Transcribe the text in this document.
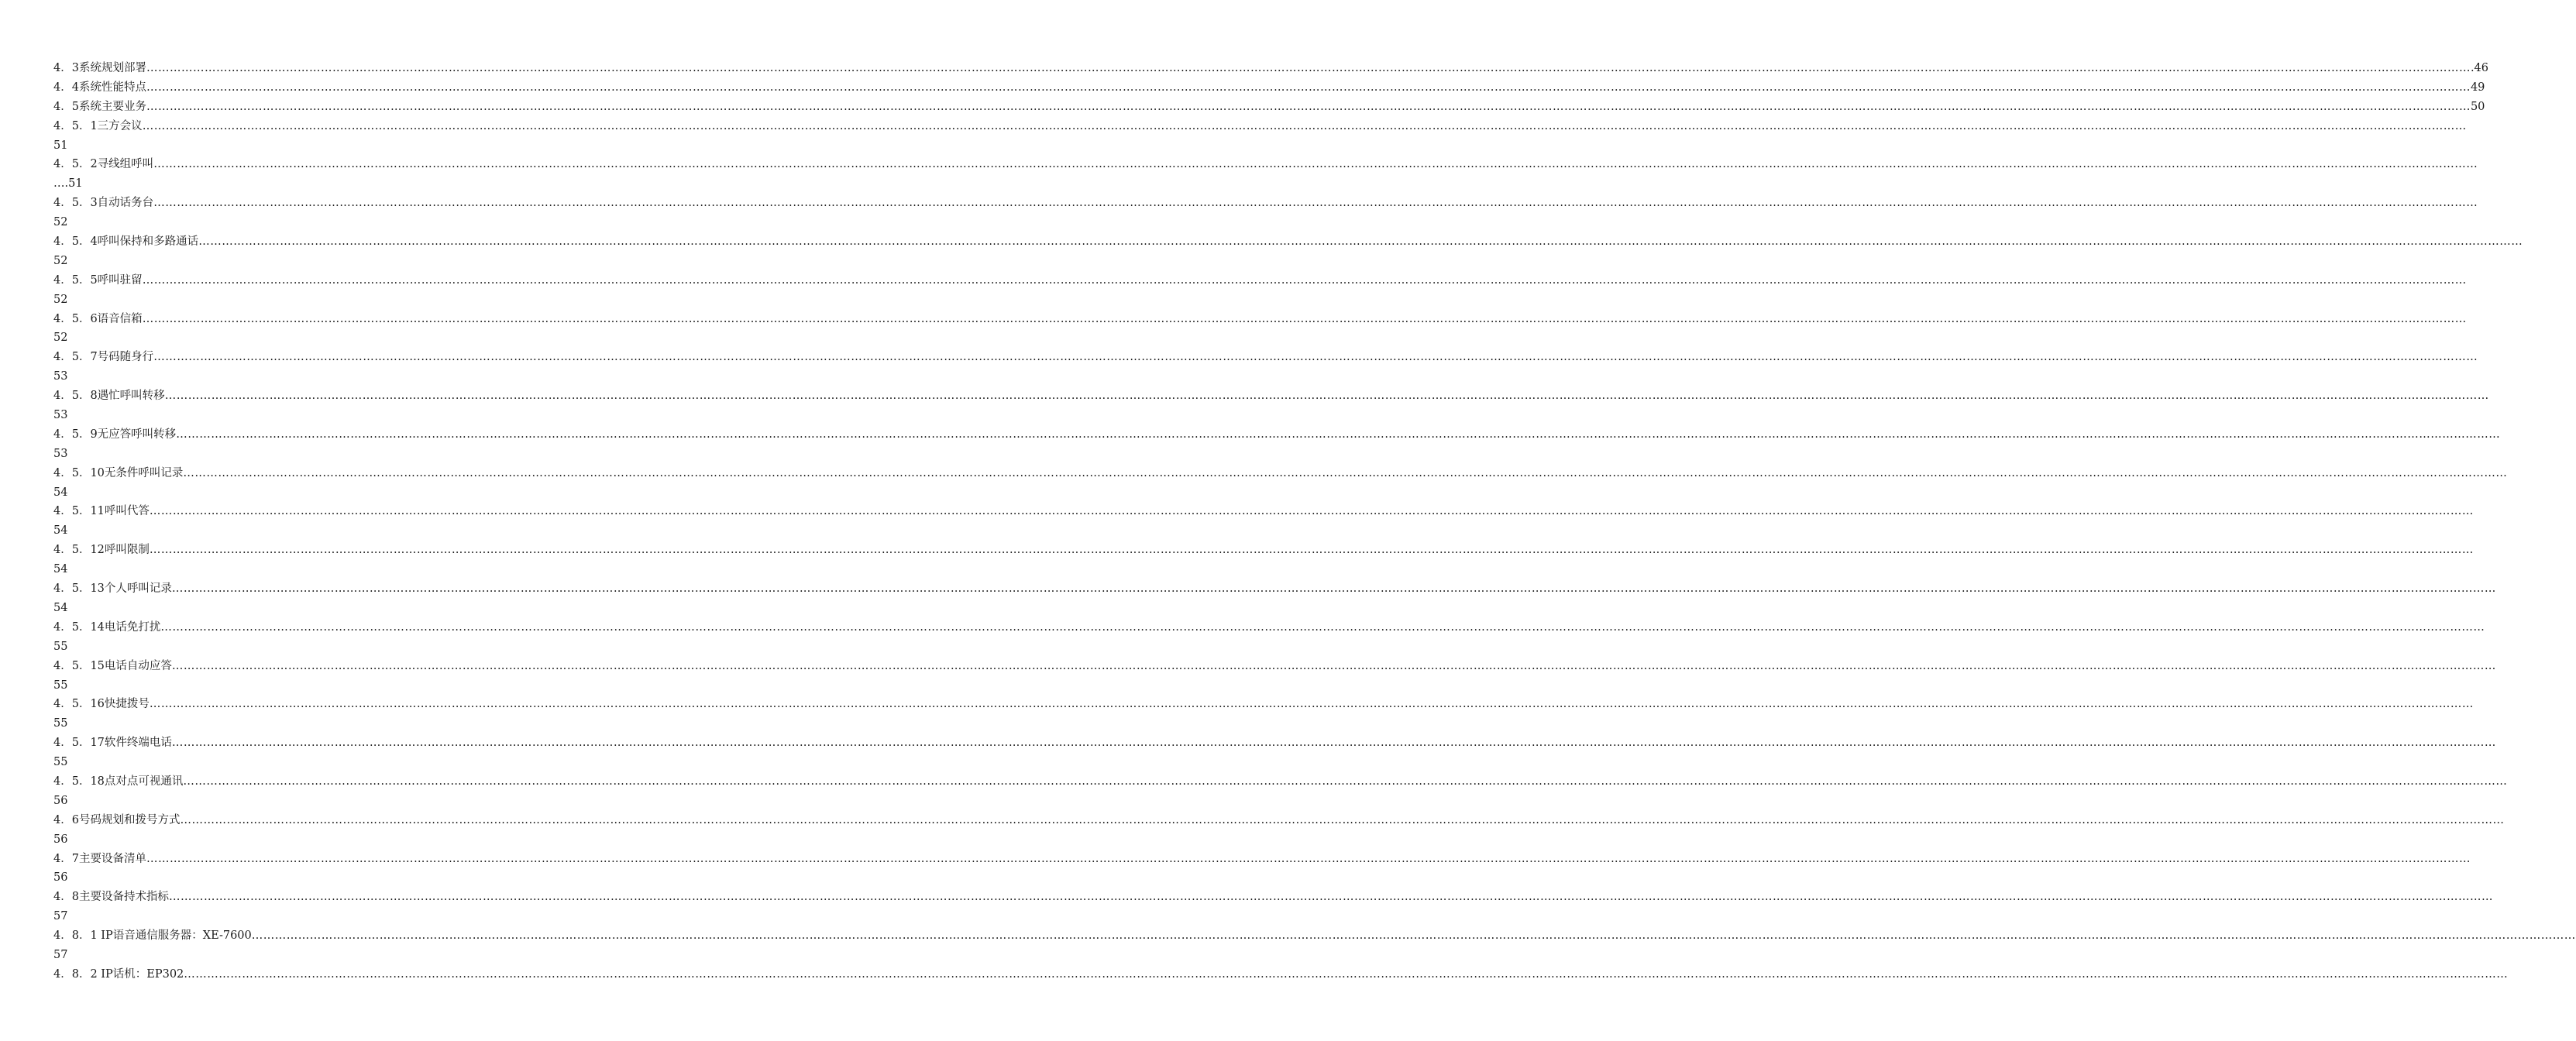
4．3系统规划部署 …………………………………………………………………………………………………………………………………………………………………………………………………………………………………………………………………………………………………………………………………………………………………………………………………………………………………………………………………………………………………………………………………………………… .46
4．4系统性能特点 …………………………………………………………………………………………………………………………………………………………………………………………………………………………………………………………………………………………………………………………………………………………………………………………………………………………………………………………………………………………………………………………………………………… 49
4．5系统主要业务 …………………………………………………………………………………………………………………………………………………………………………………………………………………………………………………………………………………………………………………………………………………………………………………………………………………………………………………………………………………………………………………………………………………… 50
4．5．1三方会议 ……………………………………………………………………………………………………………………………………………………………………………………………………………………………………………………………………………………………………………………………………………………………………………………………………………………………………………………………………………………………………………………………………………………
51
4．5．2寻线组呼叫 ……………………………………………………………………………………………………………………………………………………………………………………………………………………………………………………………………………………………………………………………………………………………………………………………………………………………………………………………………………………………………………………………………………………
….51
4．5．3自动话务台 ……………………………………………………………………………………………………………………………………………………………………………………………………………………………………………………………………………………………………………………………………………………………………………………………………………………………………………………………………………………………………………………………………………………
52
4．5．4呼叫保持和多路通话 ……………………………………………………………………………………………………………………………………………………………………………………………………………………………………………………………………………………………………………………………………………………………………………………………………………………………………………………………………………………………………………………………………………………
52
4．5．5呼叫驻留 ……………………………………………………………………………………………………………………………………………………………………………………………………………………………………………………………………………………………………………………………………………………………………………………………………………………………………………………………………………………………………………………………………………………
52
4．5．6语音信箱 ……………………………………………………………………………………………………………………………………………………………………………………………………………………………………………………………………………………………………………………………………………………………………………………………………………………………………………………………………………………………………………………………………………………
52
4．5．7号码随身行 ……………………………………………………………………………………………………………………………………………………………………………………………………………………………………………………………………………………………………………………………………………………………………………………………………………………………………………………………………………………………………………………………………………………
53
4．5．8遇忙呼叫转移 ……………………………………………………………………………………………………………………………………………………………………………………………………………………………………………………………………………………………………………………………………………………………………………………………………………………………………………………………………………………………………………………………………………………
53
4．5．9无应答呼叫转移 ……………………………………………………………………………………………………………………………………………………………………………………………………………………………………………………………………………………………………………………………………………………………………………………………………………………………………………………………………………………………………………………………………………………
53
4．5．10无条件呼叫记录 ……………………………………………………………………………………………………………………………………………………………………………………………………………………………………………………………………………………………………………………………………………………………………………………………………………………………………………………………………………………………………………………………………………………
54
4．5．11呼叫代答 ……………………………………………………………………………………………………………………………………………………………………………………………………………………………………………………………………………………………………………………………………………………………………………………………………………………………………………………………………………………………………………………………………………………
54
4．5．12呼叫限制 ……………………………………………………………………………………………………………………………………………………………………………………………………………………………………………………………………………………………………………………………………………………………………………………………………………………………………………………………………………………………………………………………………………………
54
4．5．13个人呼叫记录 ……………………………………………………………………………………………………………………………………………………………………………………………………………………………………………………………………………………………………………………………………………………………………………………………………………………………………………………………………………………………………………………………………………………
54
4．5．14电话免打扰 ……………………………………………………………………………………………………………………………………………………………………………………………………………………………………………………………………………………………………………………………………………………………………………………………………………………………………………………………………………………………………………………………………………………
55
4．5．15电话自动应答 ……………………………………………………………………………………………………………………………………………………………………………………………………………………………………………………………………………………………………………………………………………………………………………………………………………………………………………………………………………………………………………………………………………………
55
4．5．16快捷拨号 ……………………………………………………………………………………………………………………………………………………………………………………………………………………………………………………………………………………………………………………………………………………………………………………………………………………………………………………………………………………………………………………………………………………
55
4．5．17软件终端电话 ……………………………………………………………………………………………………………………………………………………………………………………………………………………………………………………………………………………………………………………………………………………………………………………………………………………………………………………………………………………………………………………………………………………
55
4．5．18点对点可视通讯 ……………………………………………………………………………………………………………………………………………………………………………………………………………………………………………………………………………………………………………………………………………………………………………………………………………………………………………………………………………………………………………………………………………………
56
4．6号码规划和拨号方式 ……………………………………………………………………………………………………………………………………………………………………………………………………………………………………………………………………………………………………………………………………………………………………………………………………………………………………………………………………………………………………………………………………………………
56
4．7主要设备清单 ……………………………………………………………………………………………………………………………………………………………………………………………………………………………………………………………………………………………………………………………………………………………………………………………………………………………………………………………………………………………………………………………………………………
56
4．8主要设备持术指标 ……………………………………………………………………………………………………………………………………………………………………………………………………………………………………………………………………………………………………………………………………………………………………………………………………………………………………………………………………………………………………………………………………………………
57
4．8．1 IP语音通信服务器：XE-7600 ……………………………………………………………………………………………………………………………………………………………………………………………………………………………………………………………………………………………………………………………………………………………………………………………………………………………………………………………………………………………………………………………………………………
57
4．8．2 IP话机：EP302 ……………………………………………………………………………………………………………………………………………………………………………………………………………………………………………………………………………………………………………………………………………………………………………………………………………………………………………………………………………………………………………………………………………………
